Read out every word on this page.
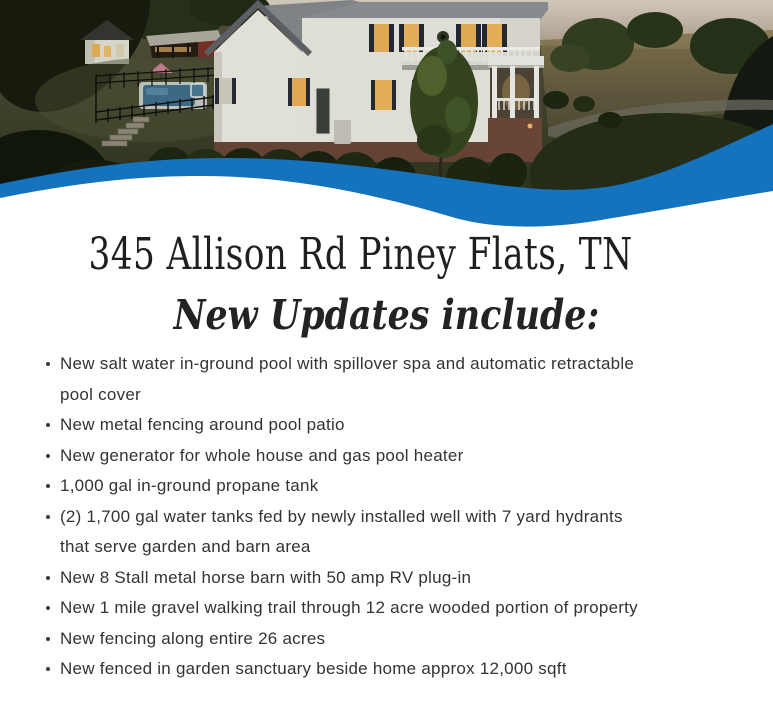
345 Allison Rd Piney Flats, TN
New Updates include:
New salt water in-ground pool with spillover spa and automatic retractable pool cover
New metal fencing around pool patio
New generator for whole house and gas pool heater
1,000 gal in-ground propane tank
(2) 1,700 gal water tanks fed by newly installed well with 7 yard hydrants that serve garden and barn area
New 8 Stall metal horse barn with 50 amp RV plug-in
New 1 mile gravel walking trail through 12 acre wooded portion of property
New fencing along entire 26 acres
New fenced in garden sanctuary beside home approx 12,000 sqft
